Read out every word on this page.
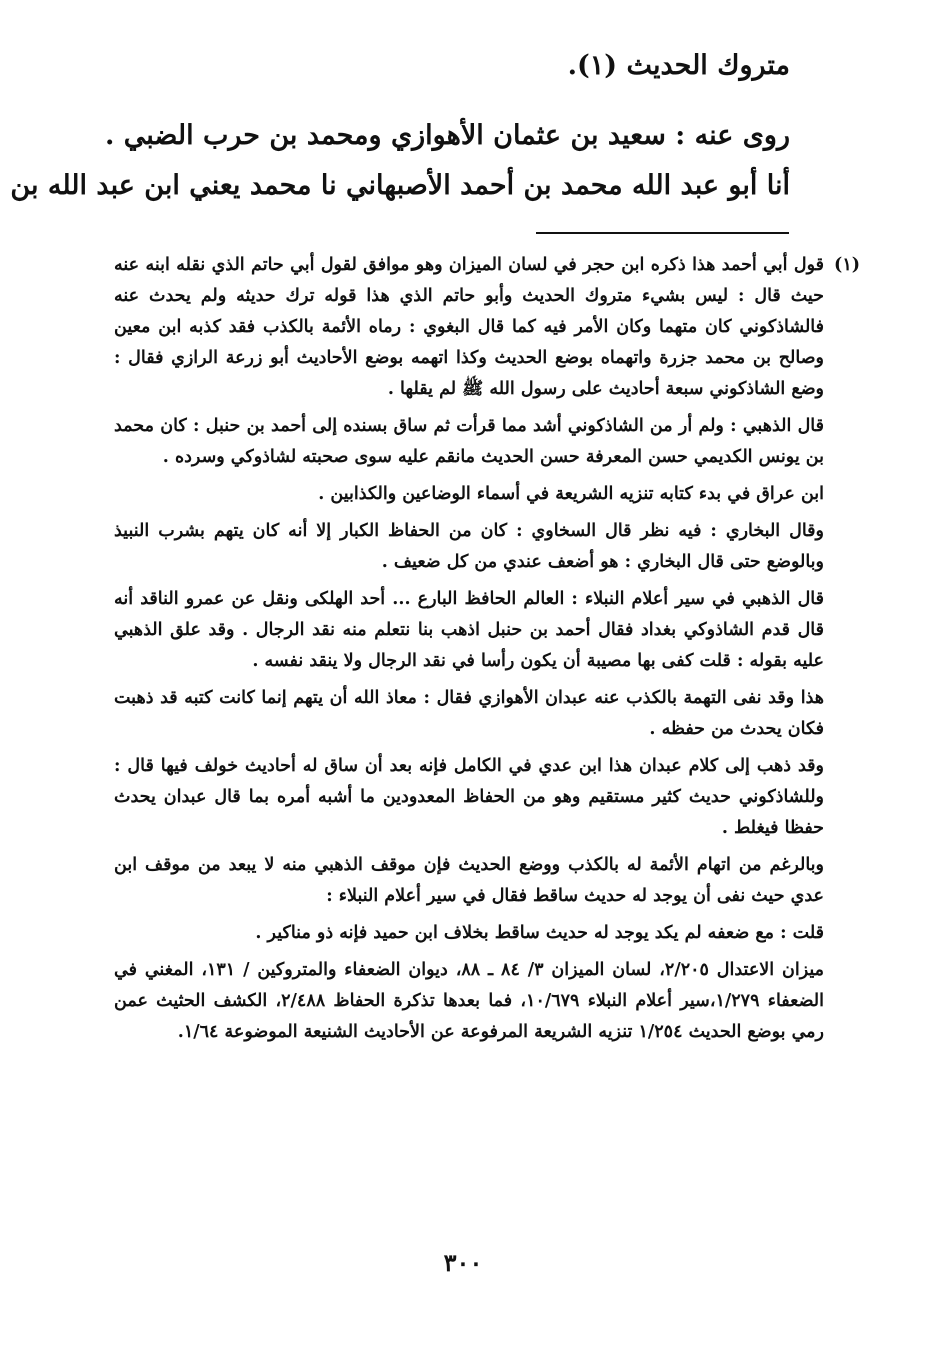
متروك الحديث (١).
روى عنه : سعيد بن عثمان الأهوازي ومحمد بن حرب الضبي .
أنا أبو عبد الله محمد بن أحمد الأصبهاني نا محمد يعني ابن عبد الله بن

(١)
قول أبي أحمد هذا ذكره ابن حجر في لسان الميزان وهو موافق لقول أبي حاتم الذي نقله ابنه عنه حيث قال : ليس بشيء متروك الحديث وأبو حاتم الذي هذا قوله ترك حديثه ولم يحدث عنه فالشاذكوني كان متهما وكان الأمر فيه كما قال البغوي : رماه الأئمة بالكذب فقد كذبه ابن معين وصالح بن محمد جزرة واتهماه بوضع الحديث وكذا اتهمه بوضع الأحاديث أبو زرعة الرازي فقال : وضع الشاذكوني سبعة أحاديث على رسول الله ﷺ لم يقلها .

قال الذهبي : ولم أر من الشاذكوني أشد مما قرأت ثم ساق بسنده إلى أحمد بن حنبل : كان محمد بن يونس الكديمي حسن المعرفة حسن الحديث مانقم عليه سوى صحبته لشاذوكي وسرده .

ابن عراق في بدء كتابه تنزيه الشريعة في أسماء الوضاعين والكذابين .

وقال البخاري : فيه نظر قال السخاوي : كان من الحفاظ الكبار إلا أنه كان يتهم بشرب النبيذ وبالوضع حتى قال البخاري : هو أضعف عندي من كل ضعيف .

قال الذهبي في سير أعلام النبلاء : العالم الحافظ البارع ... أحد الهلكى ونقل عن عمرو الناقد أنه قال قدم الشاذوكي بغداد فقال أحمد بن حنبل اذهب بنا نتعلم منه نقد الرجال . وقد علق الذهبي عليه بقوله : قلت كفى بها مصيبة أن يكون رأسا في نقد الرجال ولا ينقد نفسه .

هذا وقد نفى التهمة بالكذب عنه عبدان الأهوازي فقال : معاذ الله أن يتهم إنما كانت كتبه قد ذهبت فكان يحدث من حفظه .

وقد ذهب إلى كلام عبدان هذا ابن عدي في الكامل فإنه بعد أن ساق له أحاديث خولف فيها قال : وللشاذكوني حديث كثير مستقيم وهو من الحفاظ المعدودين ما أشبه أمره بما قال عبدان يحدث حفظا فيغلط .

وبالرغم من اتهام الأئمة له بالكذب ووضع الحديث فإن موقف الذهبي منه لا يبعد من موقف ابن عدي حيث نفى أن يوجد له حديث ساقط فقال في سير أعلام النبلاء :

قلت : مع ضعفه لم يكد يوجد له حديث ساقط بخلاف ابن حميد فإنه ذو مناكير .

ميزان الاعتدال ٢/٢٠٥، لسان الميزان ٣/ ٨٤ ـ ٨٨، ديوان الضعفاء والمتروكين / ١٣١، المغني في الضعفاء ١/٢٧٩،سير أعلام النبلاء ١٠/٦٧٩، فما بعدها تذكرة الحفاظ ٢/٤٨٨، الكشف الحثيث عمن رمي بوضع الحديث ١/٢٥٤ تنزيه الشريعة المرفوعة عن الأحاديث الشنيعة الموضوعة ١/٦٤.

٣٠٠
